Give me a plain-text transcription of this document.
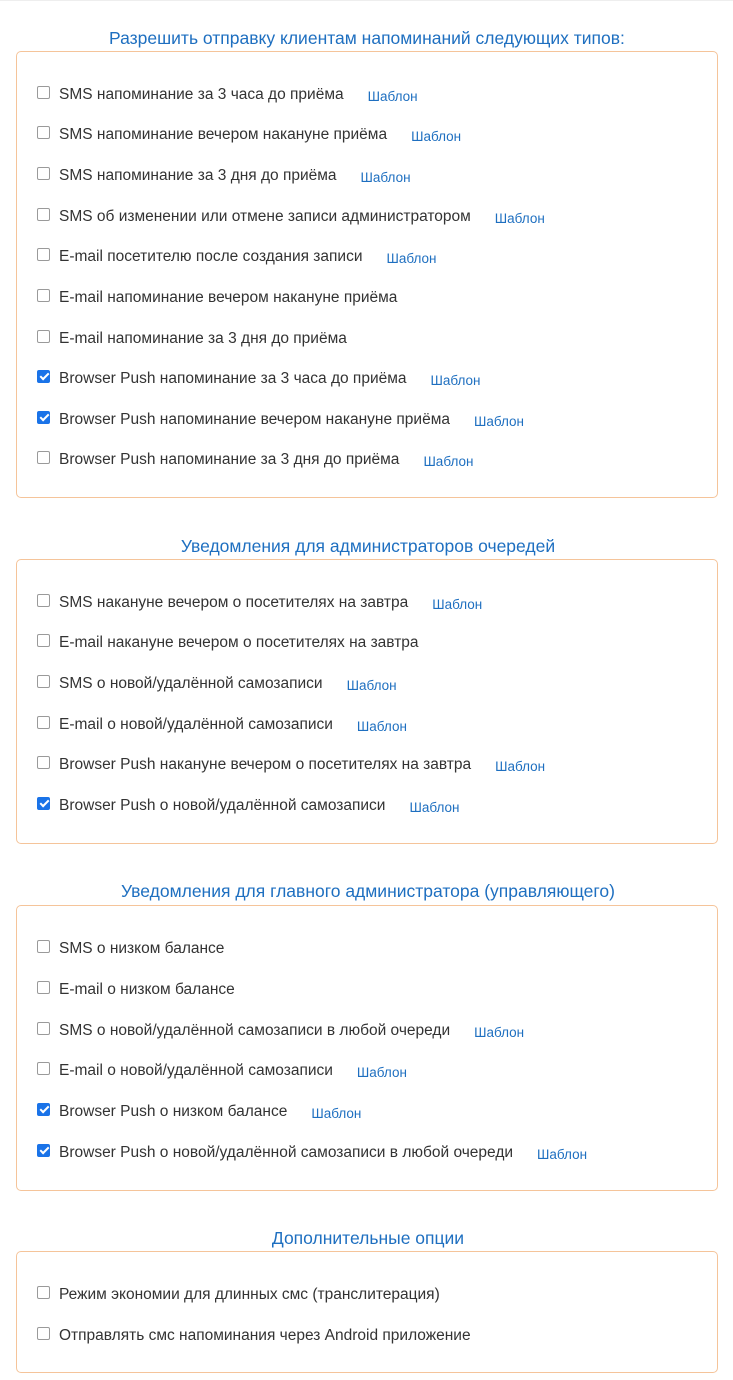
Разрешить отправку клиентам напоминаний следующих типов:
SMS напоминание за 3 часа до приёма Шаблон
SMS напоминание вечером накануне приёма Шаблон
SMS напоминание за 3 дня до приёма Шаблон
SMS об изменении или отмене записи администратором Шаблон
E-mail посетителю после создания записи Шаблон
E-mail напоминание вечером накануне приёма
E-mail напоминание за 3 дня до приёма
Browser Push напоминание за 3 часа до приёма Шаблон
Browser Push напоминание вечером накануне приёма Шаблон
Browser Push напоминание за 3 дня до приёма Шаблон
Уведомления для администраторов очередей
SMS накануне вечером о посетителях на завтра Шаблон
E-mail накануне вечером о посетителях на завтра
SMS о новой/удалённой самозаписи Шаблон
E-mail о новой/удалённой самозаписи Шаблон
Browser Push накануне вечером о посетителях на завтра Шаблон
Browser Push о новой/удалённой самозаписи Шаблон
Уведомления для главного администратора (управляющего)
SMS о низком балансе
E-mail о низком балансе
SMS о новой/удалённой самозаписи в любой очереди Шаблон
E-mail о новой/удалённой самозаписи Шаблон
Browser Push о низком балансе Шаблон
Browser Push о новой/удалённой самозаписи в любой очереди Шаблон
Дополнительные опции
Режим экономии для длинных смс (транслитерация)
Отправлять смс напоминания через Android приложение
